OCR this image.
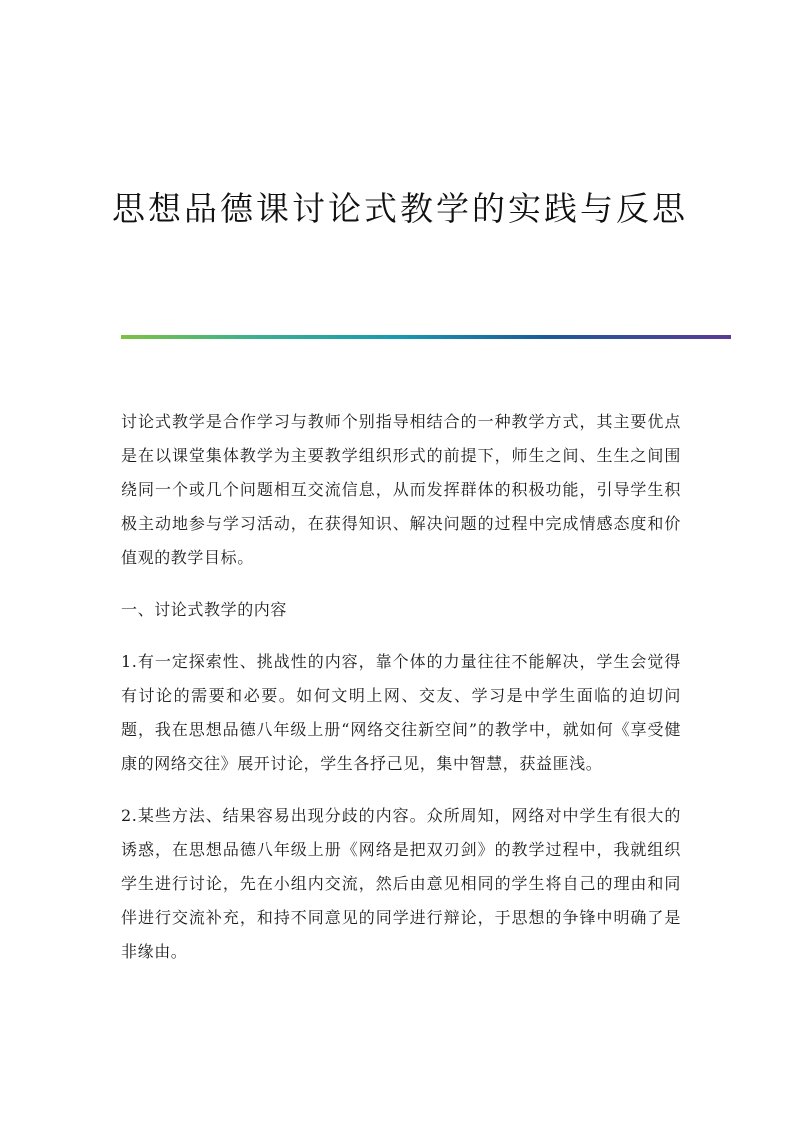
思想品德课讨论式教学的实践与反思

讨论式教学是合作学习与教师个别指导相结合的一种教学方式，其主要优点是在以课堂集体教学为主要教学组织形式的前提下，师生之间、生生之间围绕同一个或几个问题相互交流信息，从而发挥群体的积极功能，引导学生积极主动地参与学习活动，在获得知识、解决问题的过程中完成情感态度和价值观的教学目标。

一、讨论式教学的内容

1.有一定探索性、挑战性的内容，靠个体的力量往往不能解决，学生会觉得有讨论的需要和必要。如何文明上网、交友、学习是中学生面临的迫切问题，我在思想品德八年级上册“网络交往新空间”的教学中，就如何《享受健康的网络交往》展开讨论，学生各抒己见，集中智慧，获益匪浅。

2.某些方法、结果容易出现分歧的内容。众所周知，网络对中学生有很大的诱惑，在思想品德八年级上册《网络是把双刃剑》的教学过程中，我就组织学生进行讨论，先在小组内交流，然后由意见相同的学生将自己的理由和同伴进行交流补充，和持不同意见的同学进行辩论，于思想的争锋中明确了是非缘由。
